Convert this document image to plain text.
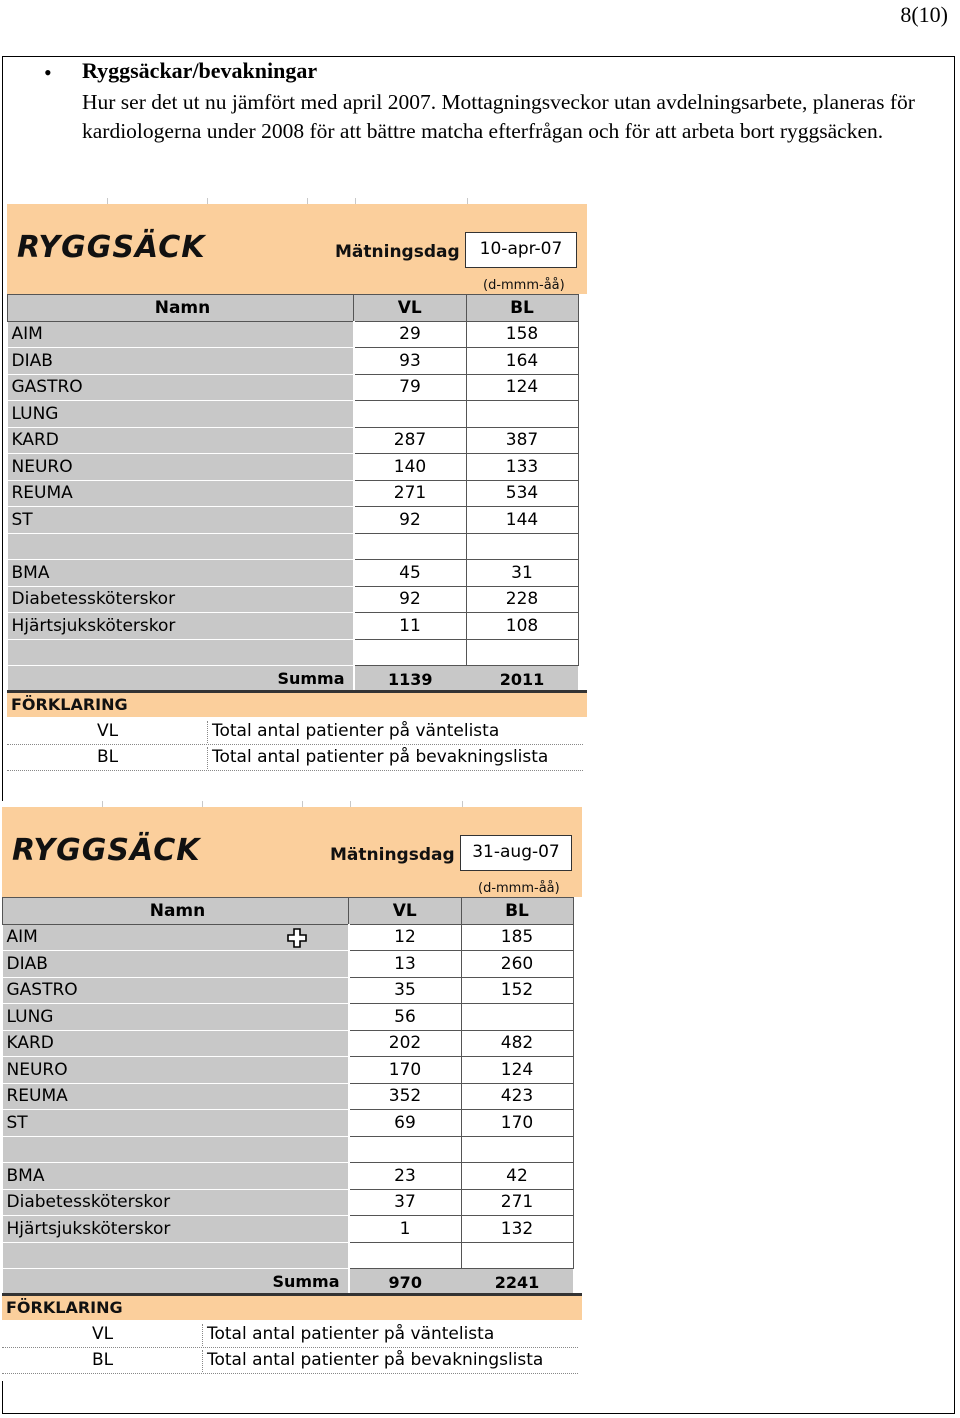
8(10)
• Ryggsäckar/bevakningar
Hur ser det ut nu jämfört med april 2007. Mottagningsveckor utan avdelningsarbete, planeras för kardiologerna under 2008 för att bättre matcha efterfrågan och för att arbeta bort ryggsäcken.
RYGGSÄCK	Mätningsdag	10-apr-07
(d-mmm-åå)
Namn	VL	BL
AIM	29	158
DIAB	93	164
GASTRO	79	124
LUNG		
KARD	287	387
NEURO	140	133
REUMA	271	534
ST	92	144

BMA	45	31
Diabetessköterskor	92	228
Hjärtsjuksköterskor	11	108

Summa	1139	2011
FÖRKLARING
VL	Total antal patienter på väntelista
BL	Total antal patienter på bevakningslista
RYGGSÄCK	Mätningsdag	31-aug-07
(d-mmm-åå)
Namn	VL	BL
AIM	12	185
DIAB	13	260
GASTRO	35	152
LUNG	56	
KARD	202	482
NEURO	170	124
REUMA	352	423
ST	69	170

BMA	23	42
Diabetessköterskor	37	271
Hjärtsjuksköterskor	1	132

Summa	970	2241
FÖRKLARING
VL	Total antal patienter på väntelista
BL	Total antal patienter på bevakningslista
